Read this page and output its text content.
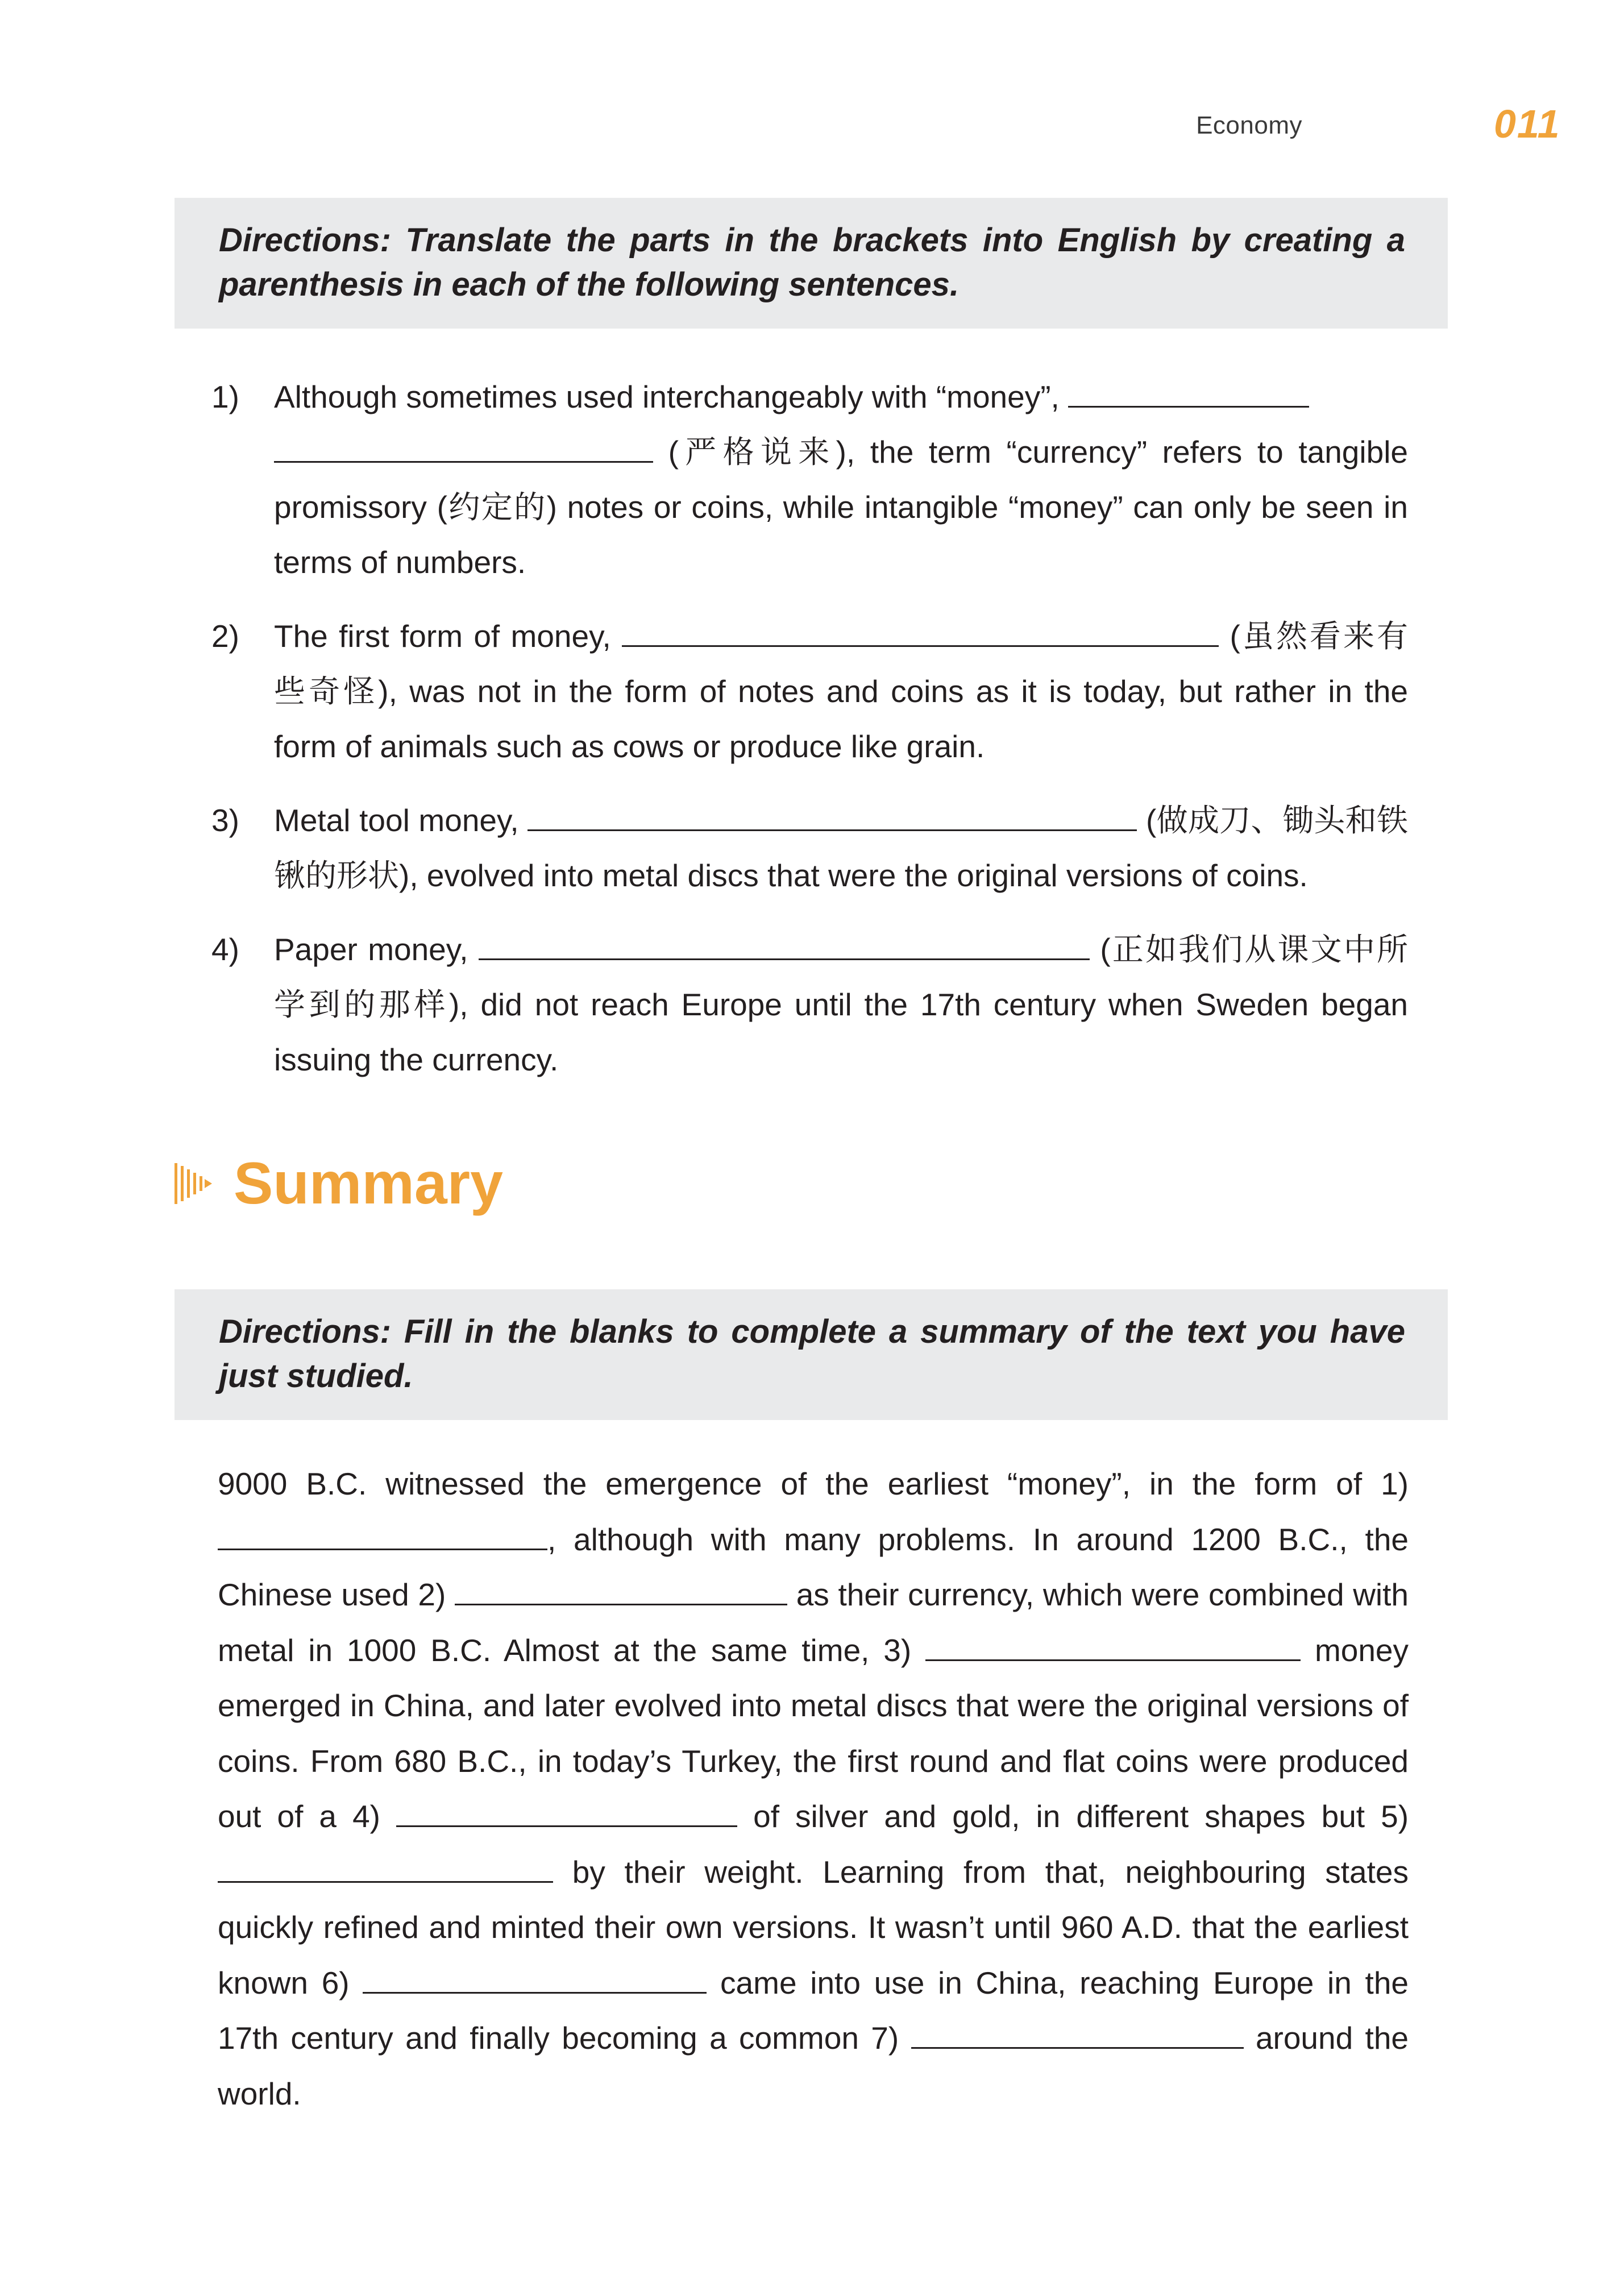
Economy	011

Directions: Translate the parts in the brackets into English by creating a parenthesis in each of the following sentences.

1) Although sometimes used interchangeably with “money”,
(严格说来), the term “currency” refers to tangible promissory (约定的) notes or coins, while intangible “money” can only be seen in terms of numbers.
2) The first form of money,	(虽然看来有些奇怪), was not in the form of notes and coins as it is today, but rather in the form of animals such as cows or produce like grain.
3) Metal tool money,	(做成刀、锄头和铁锹的形状), evolved into metal discs that were the original versions of coins.
4) Paper money,	(正如我们从课文中所学到的那样), did not reach Europe until the 17th century when Sweden began issuing the currency.
Summary

Directions: Fill in the blanks to complete a summary of the text you have just studied.

9000 B.C. witnessed the emergence of the earliest “money”, in the form of 1) , although with many problems. In around 1200 B.C., the Chinese used 2)	as their currency, which were combined with metal in 1000 B.C. Almost at the same time, 3)	money emerged in China, and later evolved into metal discs that were the original versions of coins. From 680 B.C., in today’s Turkey, the first round and flat coins were produced out of a 4)	of silver and gold, in different shapes but 5)  by their weight. Learning from that, neighbouring states quickly refined and minted their own versions. It wasn’t until 960 A.D. that the earliest known 6)	came into use in China, reaching Europe in the 17th century and finally becoming a common 7)	around the world.
